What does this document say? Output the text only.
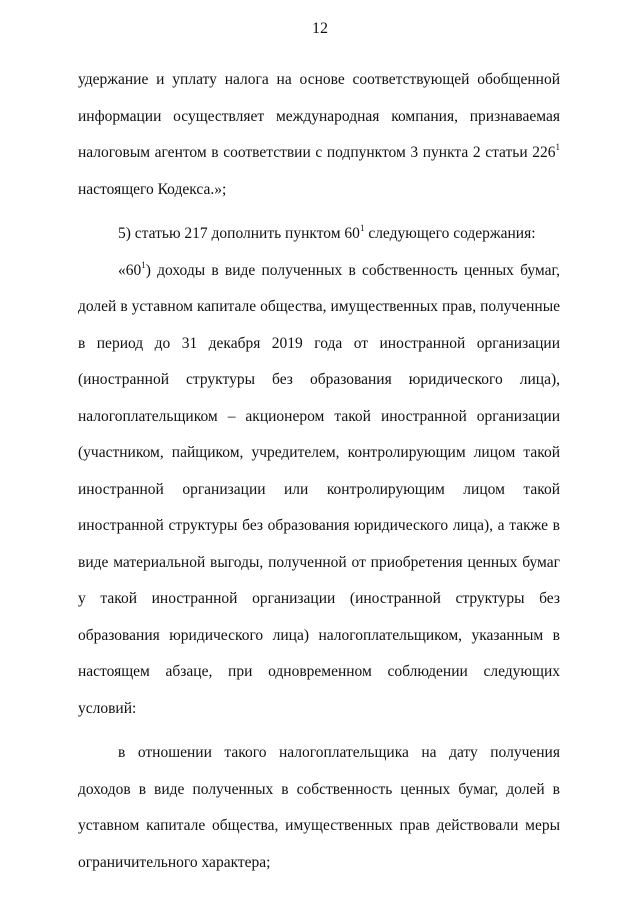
12

удержание и уплату налога на основе соответствующей обобщенной информации осуществляет международная компания, признаваемая налоговым агентом в соответствии с подпунктом 3 пункта 2 статьи $226^1$ настоящего Кодекса.»;

5) статью 217 дополнить пунктом $60^1$ следующего содержания:

«$60^1$) доходы в виде полученных в собственность ценных бумаг, долей в уставном капитале общества, имущественных прав, полученные в период до 31 декабря 2019 года от иностранной организации (иностранной структуры без образования юридического лица), налогоплательщиком – акционером такой иностранной организации (участником, пайщиком, учредителем, контролирующим лицом такой иностранной организации или контролирующим лицом такой иностранной структуры без образования юридического лица), а также в виде материальной выгоды, полученной от приобретения ценных бумаг у такой иностранной организации (иностранной структуры без образования юридического лица) налогоплательщиком, указанным в настоящем абзаце, при одновременном соблюдении следующих условий:

в отношении такого налогоплательщика на дату получения доходов в виде полученных в собственность ценных бумаг, долей в уставном капитале общества, имущественных прав действовали меры ограничительного характера;
